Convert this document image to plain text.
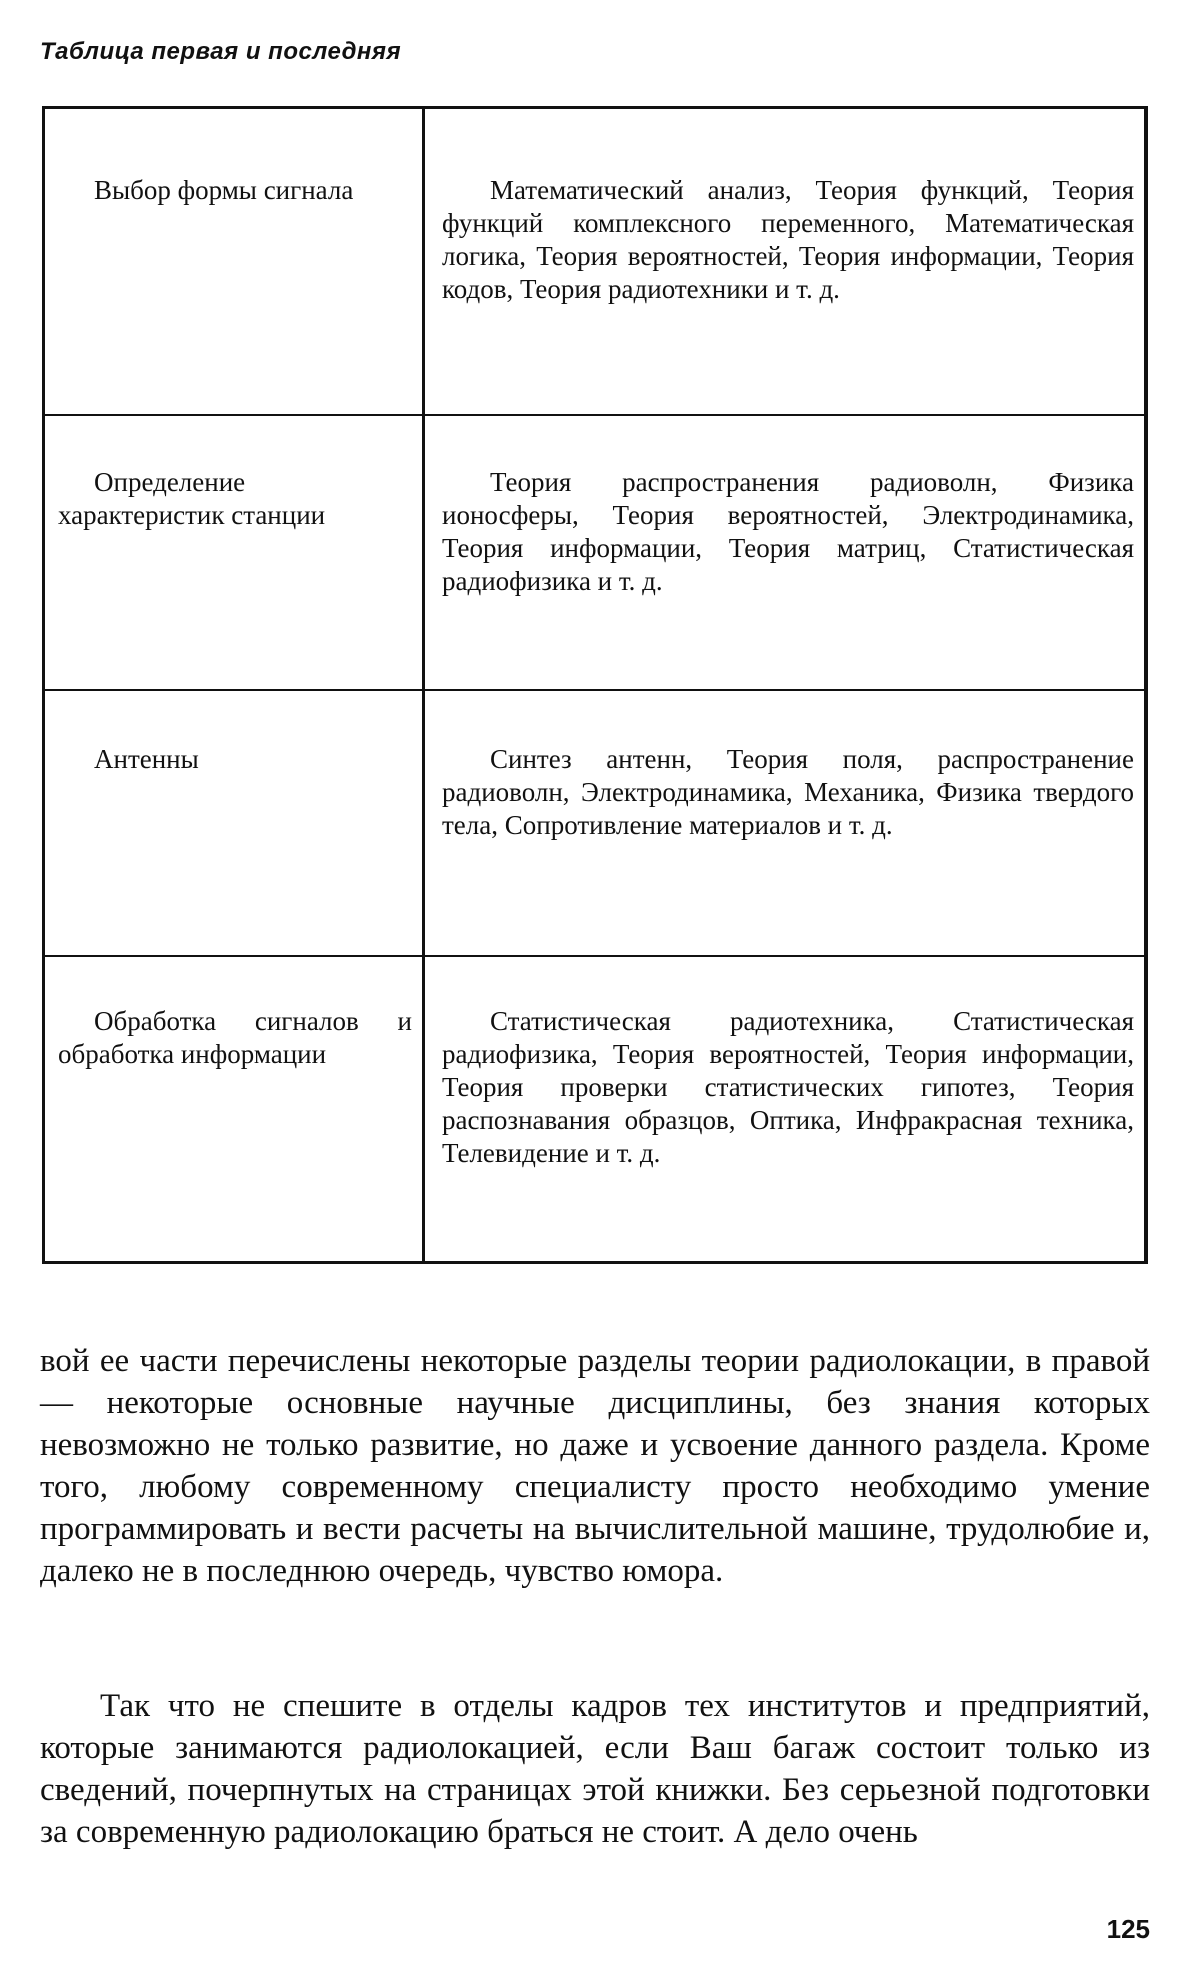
Таблица первая и последняя
Выбор формы сигнала	Математический анализ, Теория функций, Теория функций комплексного переменного, Математическая логика, Теория вероятностей, Теория информации, Теория кодов, Теория радиотехники и т. д.
Определение характеристик станции
Теория распространения радиоволн, Физика ионосферы, Теория вероятностей, Электродинамика, Теория информации, Теория матриц, Статистическая радиофизика и т. д.
Антенны	Синтез антенн, Теория поля, распространение радиоволн, Электродинамика, Механика, Физика твердого тела, Сопротивление материалов и т. д.
Обработка сигналов и обработка информации
Статистическая радиотехника, Статистическая радиофизика, Теория вероятностей, Теория информации, Теория проверки статистических гипотез, Теория распознавания образцов, Оптика, Инфракрасная техника, Телевидение и т. д.
вой ее части перечислены некоторые разделы теории радиолокации, в правой — некоторые основные научные дисциплины, без знания которых невозможно не только развитие, но даже и усвоение данного раздела. Кроме того, любому современному специалисту просто необходимо умение программировать и вести расчеты на вычислительной машине, трудолюбие и, далеко не в последнюю очередь, чувство юмора.
Так что не спешите в отделы кадров тех институтов и предприятий, которые занимаются радиолокацией, если Ваш багаж состоит только из сведений, почерпнутых на страницах этой книжки. Без серьезной подготовки за современную радиолокацию браться не стоит. А дело очень
125
